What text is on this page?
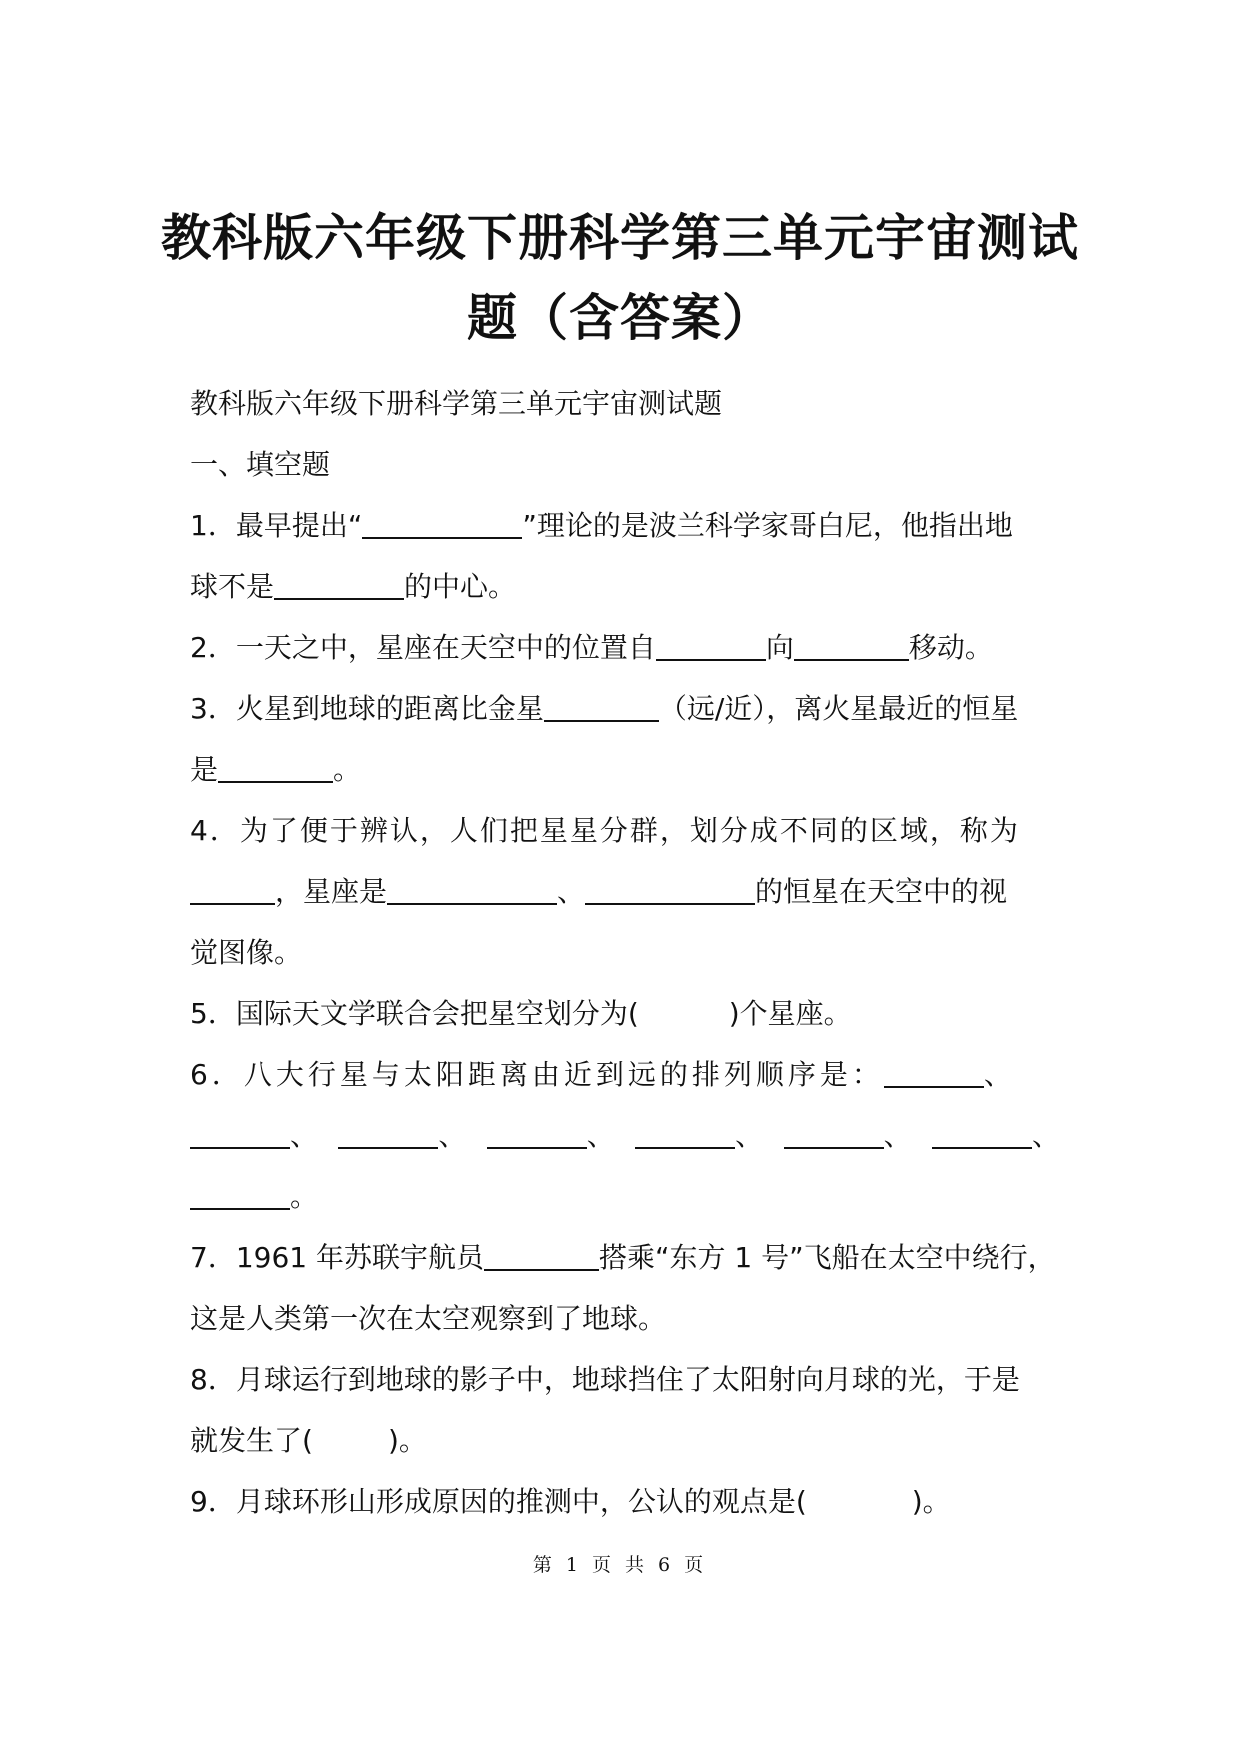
教科版六年级下册科学第三单元宇宙测试
题（含答案）
教科版六年级下册科学第三单元宇宙测试题
一、填空题
1．最早提出“	”理论的是波兰科学家哥白尼，他指出地
球不是	的中心。
2．一天之中，星座在天空中的位置自	向	移动。
3．火星到地球的距离比金星	（远/近），离火星最近的恒星
是	。
4．为了便于辨认，人们把星星分群，划分成不同的区域，称为
，星座是	、	的恒星在天空中的视
觉图像。
5．国际天文学联合会把星空划分为(	)个星座。
6．八大行星与太阳距离由近到远的排列顺序是：	、
、	、	、	、	、	、
。
7．1961 年苏联宇航员	搭乘“东方 1 号”飞船在太空中绕行，
这是人类第一次在太空观察到了地球。
8．月球运行到地球的影子中，地球挡住了太阳射向月球的光，于是
就发生了(	)。
9．月球环形山形成原因的推测中，公认的观点是(	)。
第 1 页 共 6 页
